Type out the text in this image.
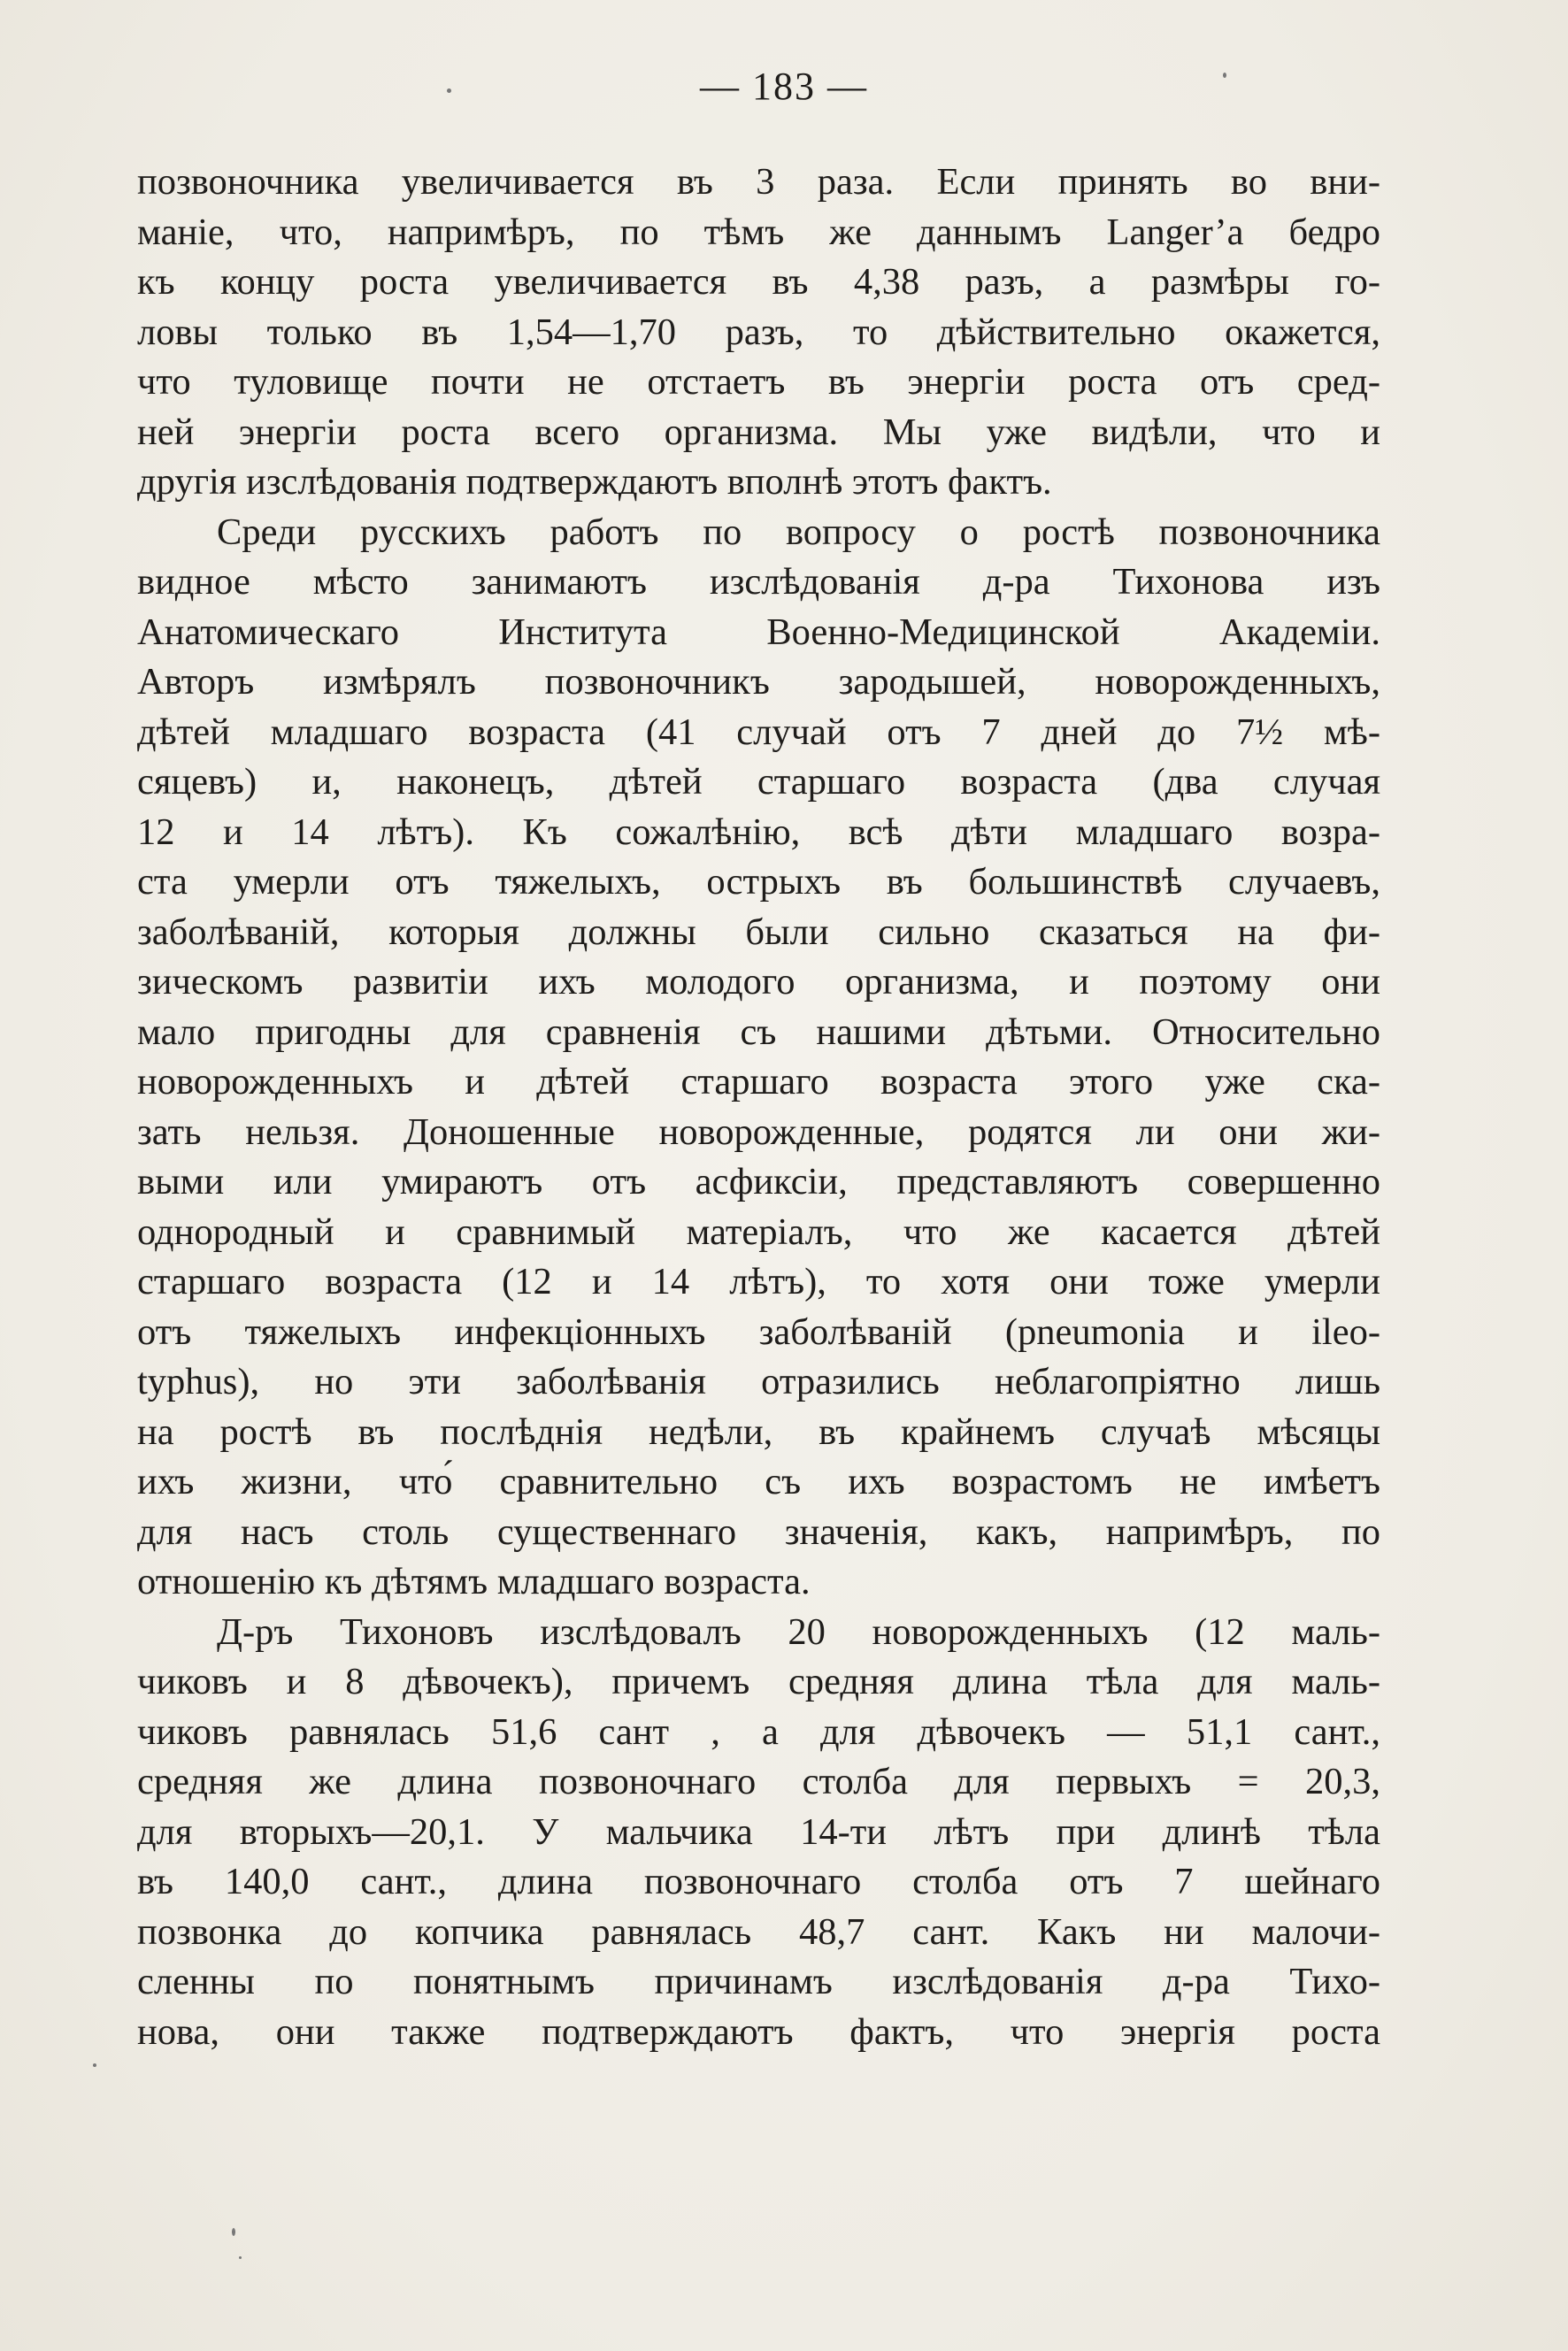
— 183 —
позвоночника увеличивается въ 3 раза. Если принять во вни-
маніе, что, напримѣръ, по тѣмъ же даннымъ Langer’a бедро
къ концу роста увеличивается въ 4,38 разъ, а размѣры го-
ловы только въ 1,54—1,70 разъ, то дѣйствительно окажется,
что туловище почти не отстаетъ въ энергіи роста отъ сред-
ней энергіи роста всего организма. Мы уже видѣли, что и
другія изслѣдованія подтверждаютъ вполнѣ этотъ фактъ.
Среди русскихъ работъ по вопросу о ростѣ позвоночника
видное мѣсто занимаютъ изслѣдованія д-ра Тихонова изъ
Анатомическаго Института Военно-Медицинской Академіи.
Авторъ измѣрялъ позвоночникъ зародышей, новорожденныхъ,
дѣтей младшаго возраста (41 случай отъ 7 дней до 7½ мѣ-
сяцевъ) и, наконецъ, дѣтей старшаго возраста (два случая
12 и 14 лѣтъ). Къ сожалѣнію, всѣ дѣти младшаго возра-
ста умерли отъ тяжелыхъ, острыхъ въ большинствѣ случаевъ,
заболѣваній, которыя должны были сильно сказаться на фи-
зическомъ развитіи ихъ молодого организма, и поэтому они
мало пригодны для сравненія съ нашими дѣтьми. Относительно
новорожденныхъ и дѣтей старшаго возраста этого уже ска-
зать нельзя. Доношенные новорожденные, родятся ли они жи-
выми или умираютъ отъ асфиксіи, представляютъ совершенно
однородный и сравнимый матеріалъ, что же касается дѣтей
старшаго возраста (12 и 14 лѣтъ), то хотя они тоже умерли
отъ тяжелыхъ инфекціонныхъ заболѣваній (pneumonia и ileo-
typhus), но эти заболѣванія отразились неблагопріятно лишь
на ростѣ въ послѣднія недѣли, въ крайнемъ случаѣ мѣсяцы
ихъ жизни, что́ сравнительно съ ихъ возрастомъ не имѣетъ
для насъ столь существеннаго значенія, какъ, напримѣръ, по
отношенію къ дѣтямъ младшаго возраста.
Д-ръ Тихоновъ изслѣдовалъ 20 новорожденныхъ (12 маль-
чиковъ и 8 дѣвочекъ), причемъ средняя длина тѣла для маль-
чиковъ равнялась 51,6 сант , а для дѣвочекъ — 51,1 сант.,
средняя же длина позвоночнаго столба для первыхъ = 20,3,
для вторыхъ—20,1. У мальчика 14-ти лѣтъ при длинѣ тѣла
въ 140,0 сант., длина позвоночнаго столба отъ 7 шейнаго
позвонка до копчика равнялась 48,7 сант. Какъ ни малочи-
сленны по понятнымъ причинамъ изслѣдованія д-ра Тихо-
нова, они также подтверждаютъ фактъ, что энергія роста
